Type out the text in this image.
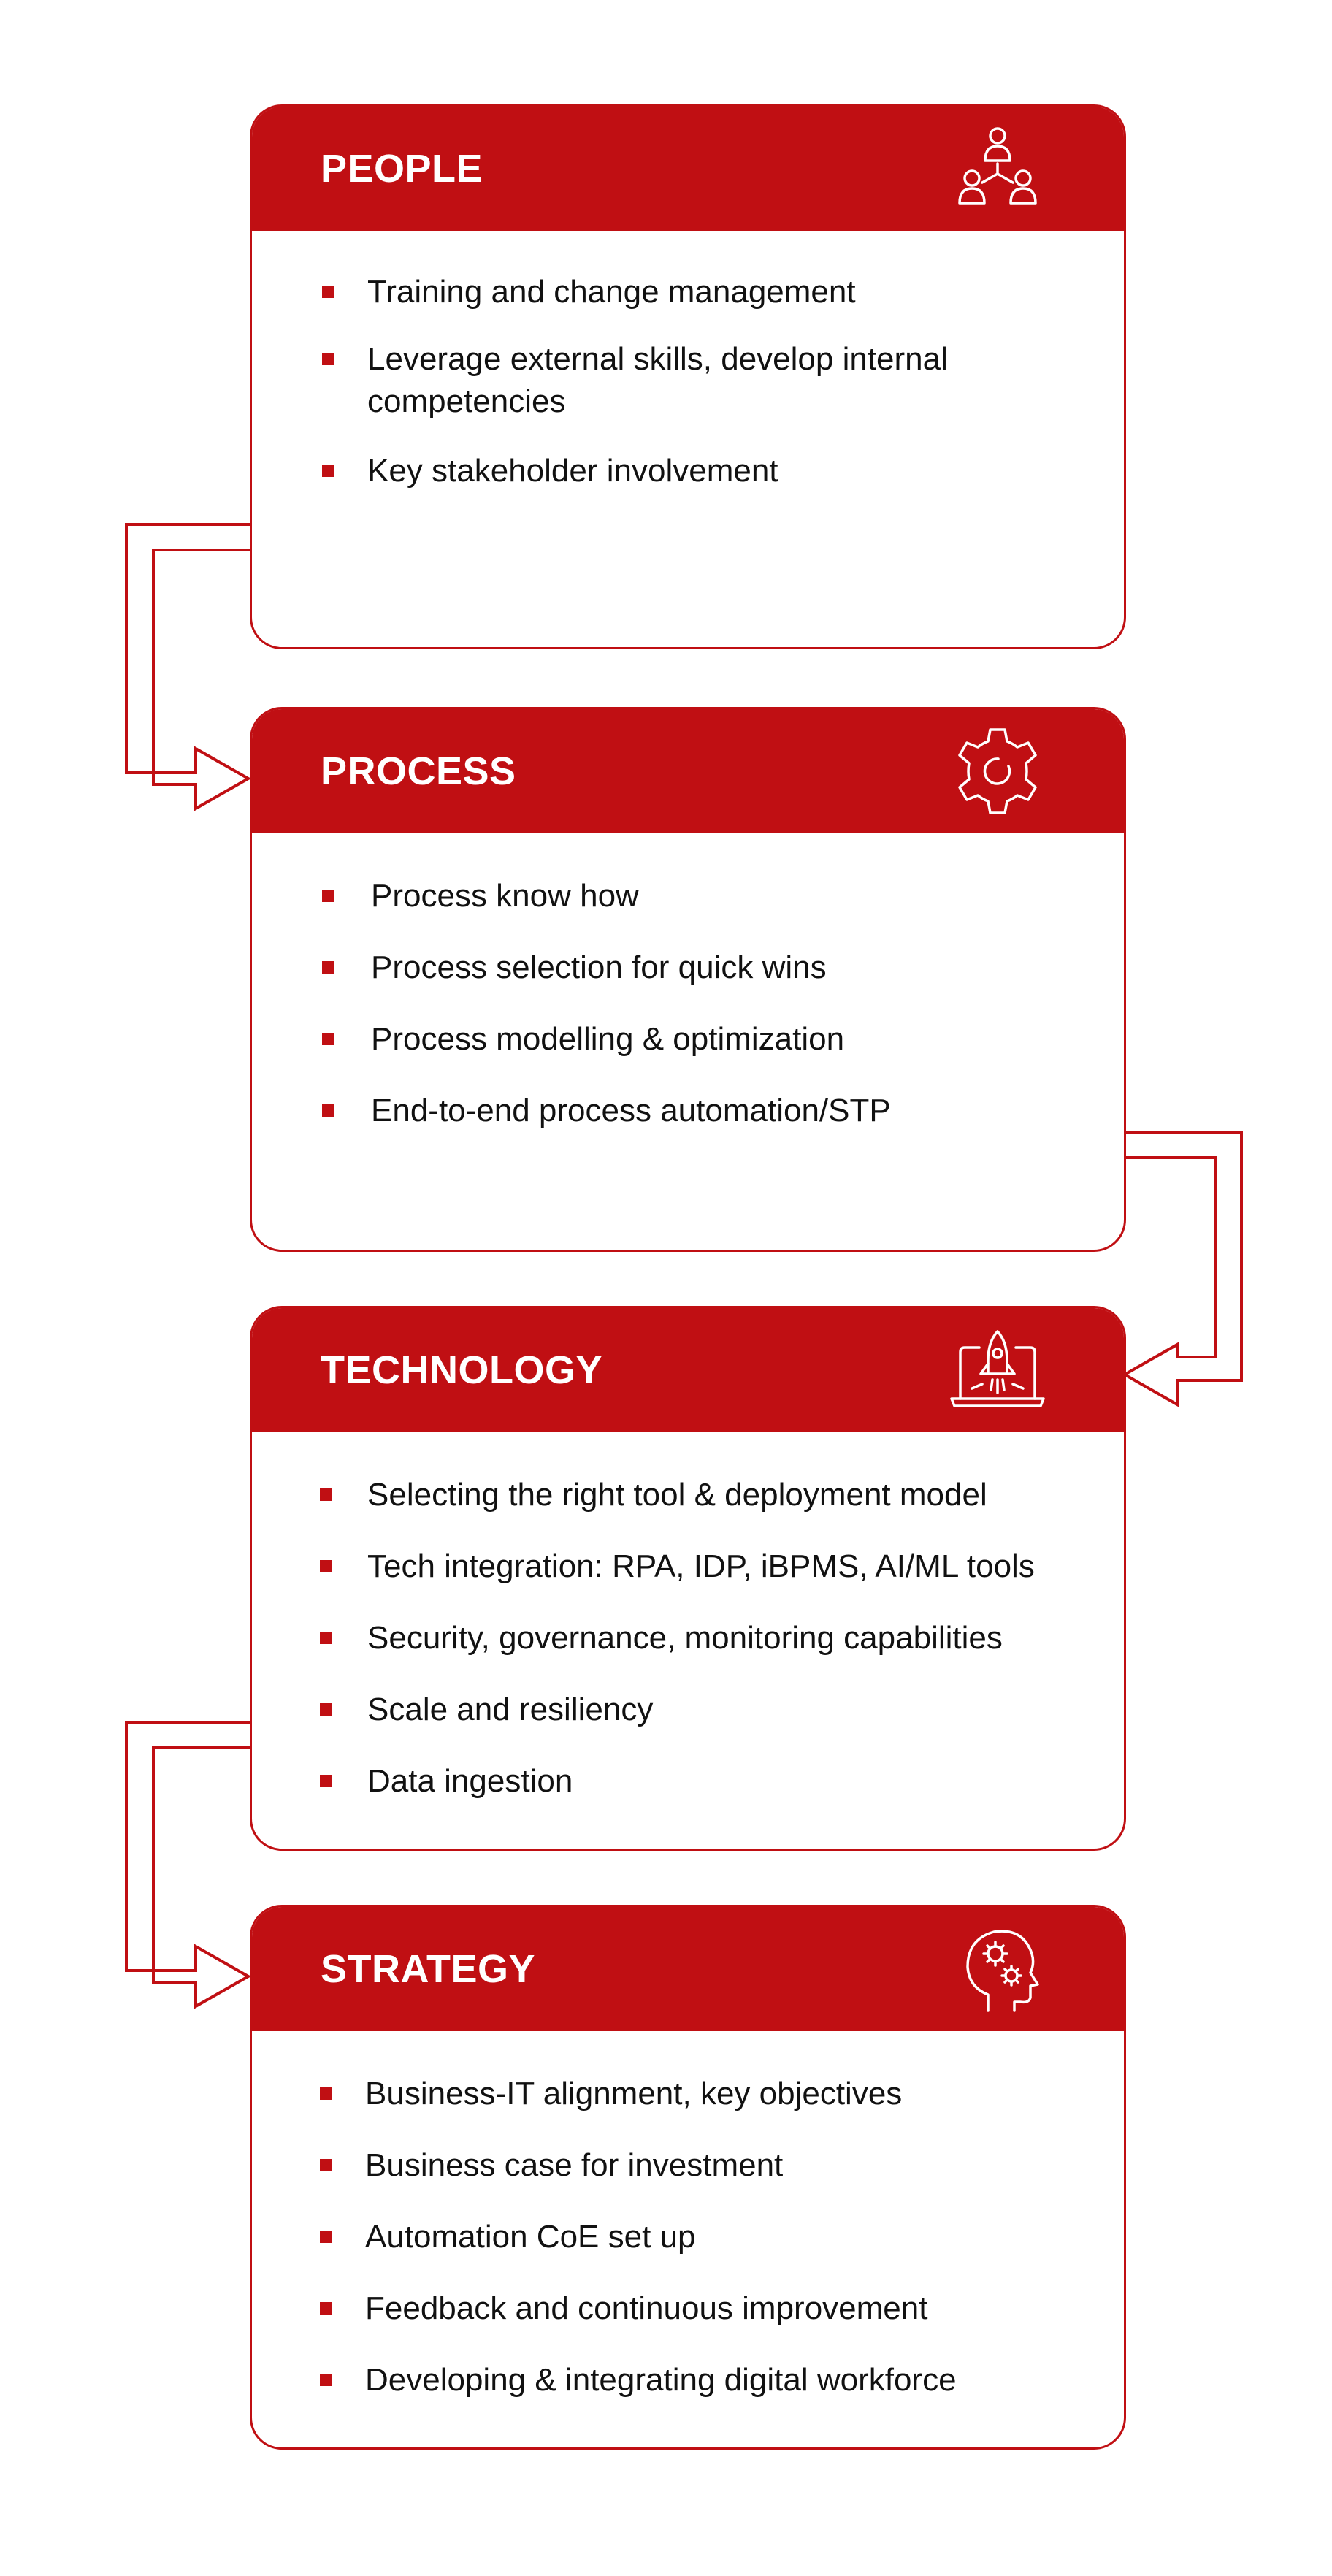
PEOPLE
Training and change management
Leverage external skills, develop internal competencies
Key stakeholder involvement
PROCESS
Process know how
Process selection for quick wins
Process modelling & optimization
End-to-end process automation/STP
TECHNOLOGY
Selecting the right tool & deployment model
Tech integration: RPA, IDP, iBPMS, AI/ML tools
Security, governance, monitoring capabilities
Scale and resiliency
Data ingestion
STRATEGY
Business-IT alignment, key objectives
Business case for investment
Automation CoE set up
Feedback and continuous improvement
Developing & integrating digital workforce
